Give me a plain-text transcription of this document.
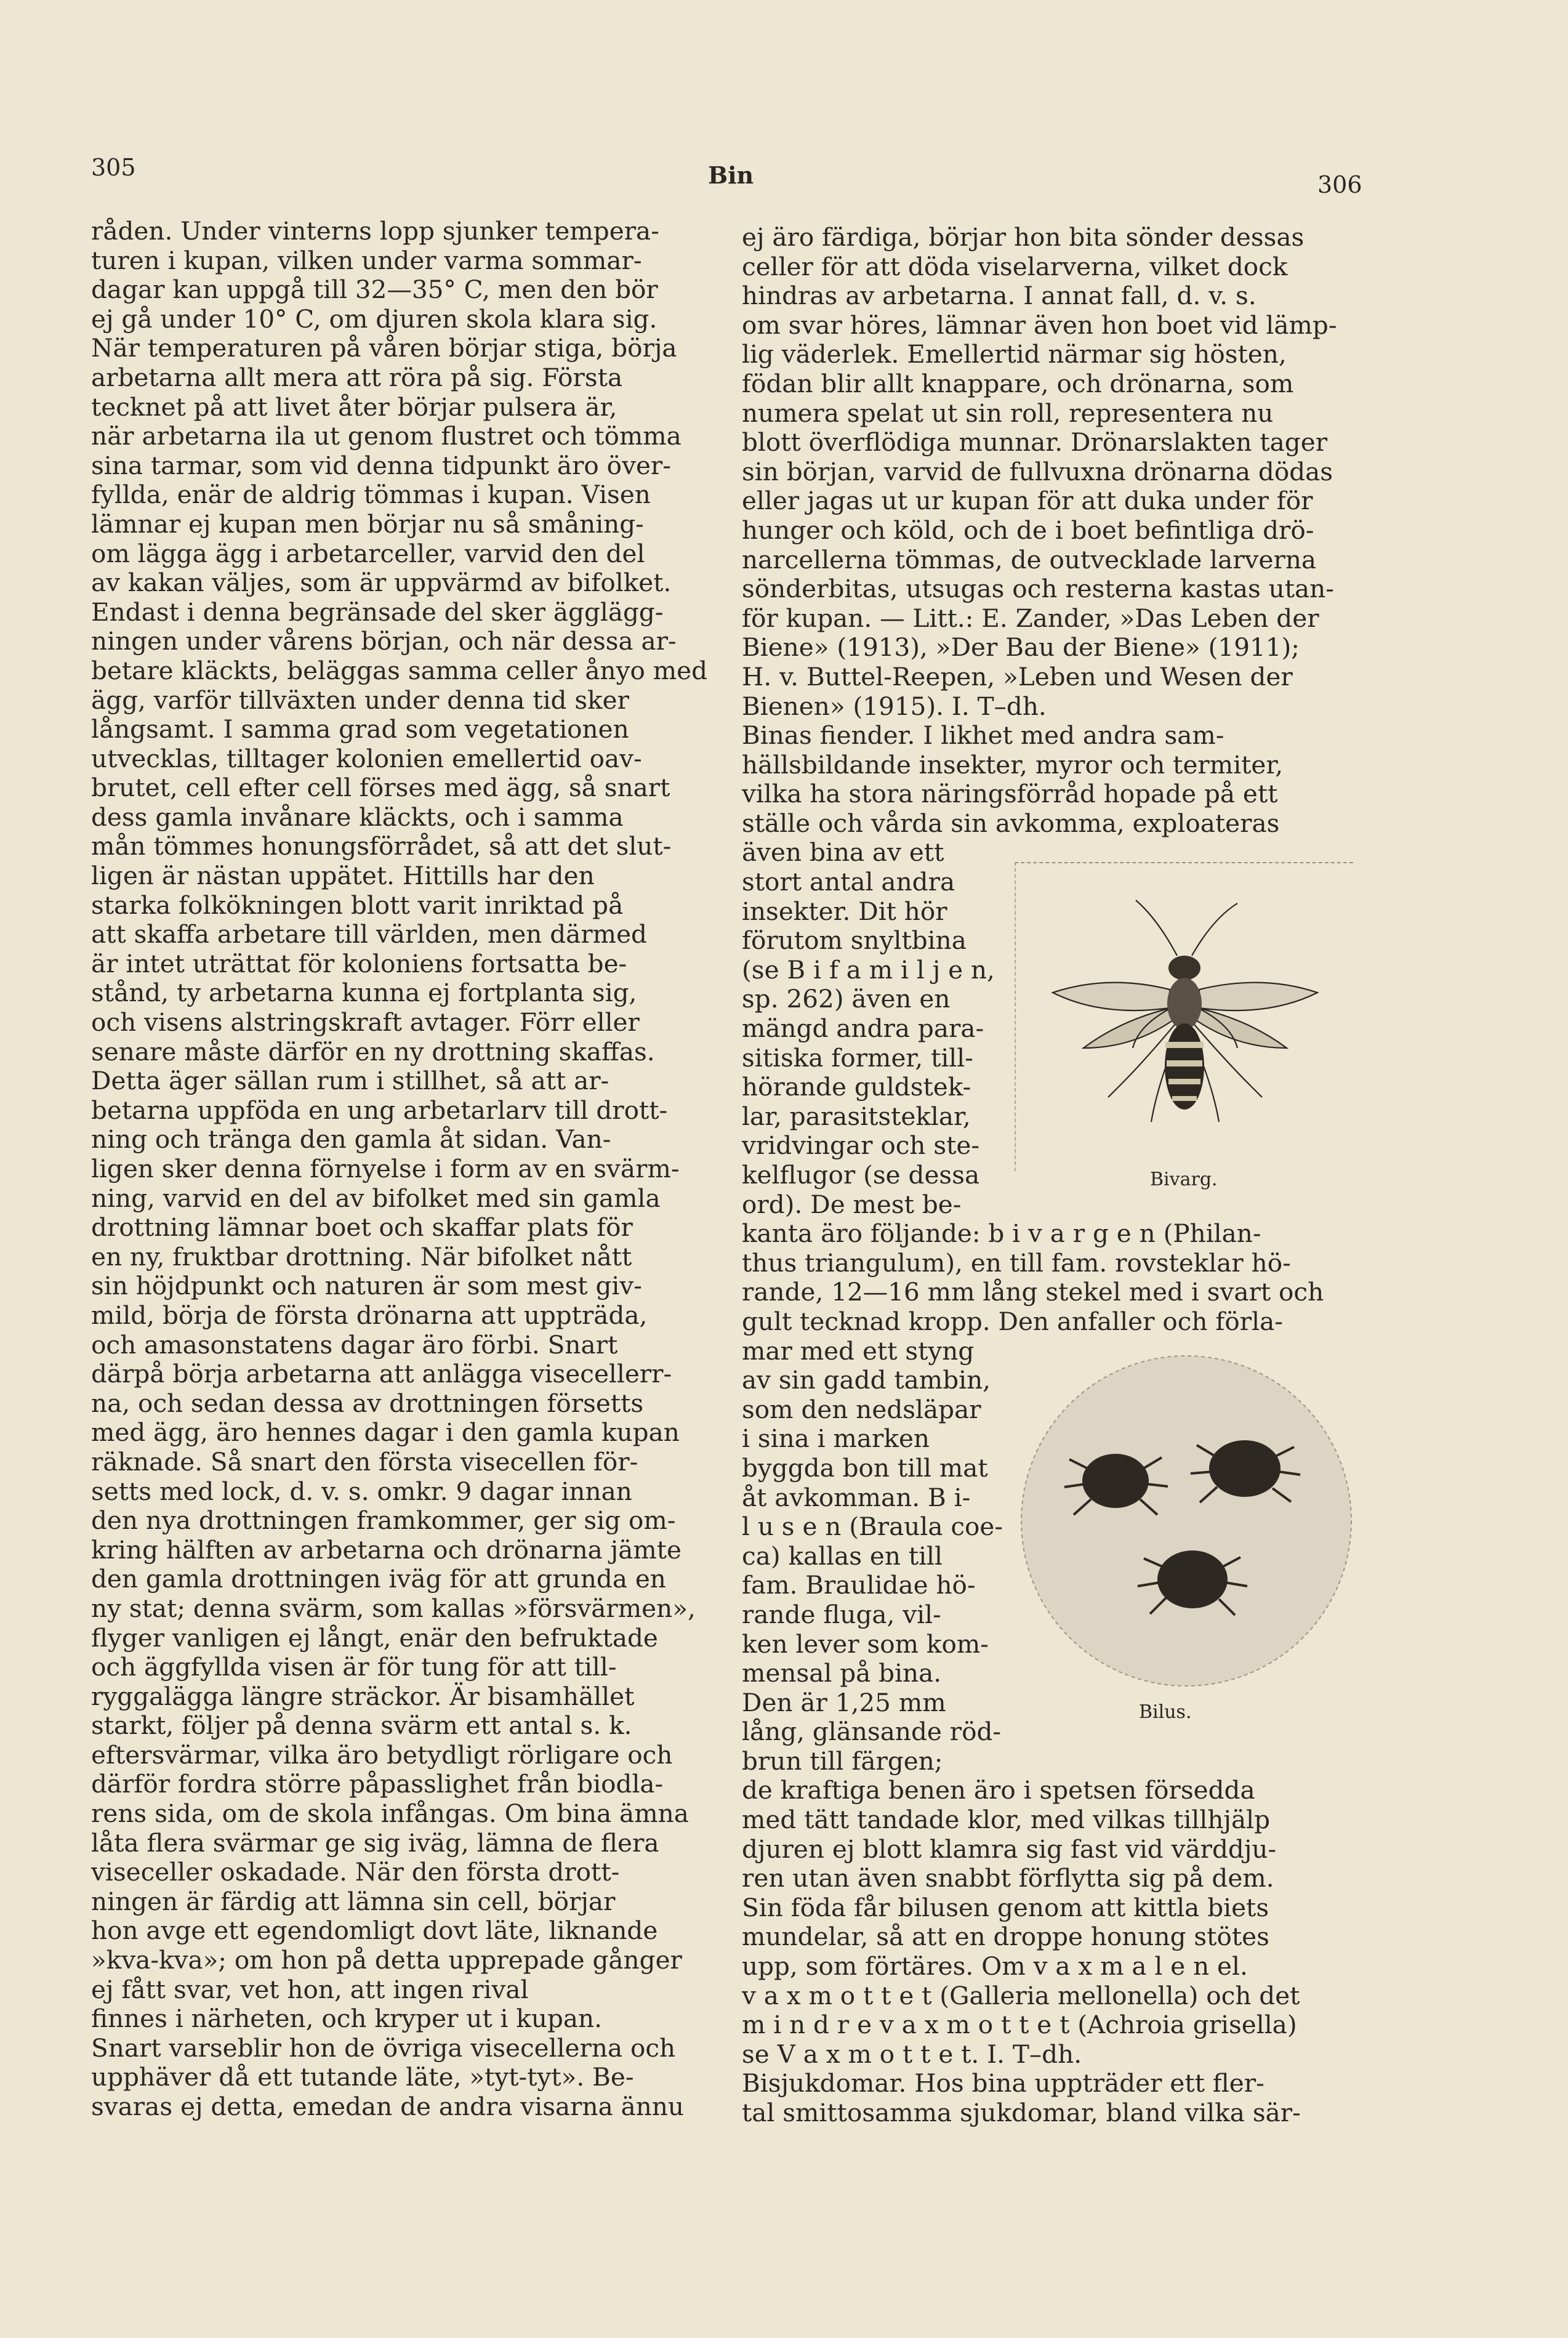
305	Bin	306
råden. Under vinterns lopp sjunker tempera-
turen i kupan, vilken under varma sommar-
dagar kan uppgå till 32—35° C, men den bör
ej gå under 10° C, om djuren skola klara sig.
När temperaturen på våren börjar stiga, börja
arbetarna allt mera att röra på sig. Första
tecknet på att livet åter börjar pulsera är,
när arbetarna ila ut genom flustret och tömma
sina tarmar, som vid denna tidpunkt äro över-
fyllda, enär de aldrig tömmas i kupan. Visen
lämnar ej kupan men börjar nu så småning-
om lägga ägg i arbetarceller, varvid den del
av kakan väljes, som är uppvärmd av bifolket.
Endast i denna begränsade del sker ägglägg-
ningen under vårens början, och när dessa ar-
betare kläckts, beläggas samma celler ånyo med
ägg, varför tillväxten under denna tid sker
långsamt. I samma grad som vegetationen
utvecklas, tilltager kolonien emellertid oav-
brutet, cell efter cell förses med ägg, så snart
dess gamla invånare kläckts, och i samma
mån tömmes honungsförrådet, så att det slut-
ligen är nästan uppätet. Hittills har den
starka folkökningen blott varit inriktad på
att skaffa arbetare till världen, men därmed
är intet uträttat för koloniens fortsatta be-
stånd, ty arbetarna kunna ej fortplanta sig,
och visens alstringskraft avtager. Förr eller
senare måste därför en ny drottning skaffas.
Detta äger sällan rum i stillhet, så att ar-
betarna uppföda en ung arbetarlarv till drott-
ning och tränga den gamla åt sidan. Van-
ligen sker denna förnyelse i form av en svärm-
ning, varvid en del av bifolket med sin gamla
drottning lämnar boet och skaffar plats för
en ny, fruktbar drottning. När bifolket nått
sin höjdpunkt och naturen är som mest giv-
mild, börja de första drönarna att uppträda,
och amasonstatens dagar äro förbi. Snart
därpå börja arbetarna att anlägga visecellerr-
na, och sedan dessa av drottningen försetts
med ägg, äro hennes dagar i den gamla kupan
räknade. Så snart den första visecellen för-
setts med lock, d. v. s. omkr. 9 dagar innan
den nya drottningen framkommer, ger sig om-
kring hälften av arbetarna och drönarna jämte
den gamla drottningen iväg för att grunda en
ny stat; denna svärm, som kallas »försvärmen»,
flyger vanligen ej långt, enär den befruktade
och äggfyllda visen är för tung för att till-
ryggalägga längre sträckor. Är bisamhället
starkt, följer på denna svärm ett antal s. k.
eftersvärmar, vilka äro betydligt rörligare och
därför fordra större påpasslighet från biodla-
rens sida, om de skola infångas. Om bina ämna
låta flera svärmar ge sig iväg, lämna de flera
viseceller oskadade. När den första drott-
ningen är färdig att lämna sin cell, börjar
hon avge ett egendomligt dovt läte, liknande
»kva-kva»; om hon på detta upprepade gånger
ej fått svar, vet hon, att ingen rival
finnes i närheten, och kryper ut i kupan.
Snart varseblir hon de övriga visecellerna och
upphäver då ett tutande läte, »tyt-tyt». Be-
svaras ej detta, emedan de andra visarna ännu
ej äro färdiga, börjar hon bita sönder dessas
celler för att döda viselarverna, vilket dock
hindras av arbetarna. I annat fall, d. v. s.
om svar höres, lämnar även hon boet vid lämp-
lig väderlek. Emellertid närmar sig hösten,
födan blir allt knappare, och drönarna, som
numera spelat ut sin roll, representera nu
blott överflödiga munnar. Drönarslakten tager
sin början, varvid de fullvuxna drönarna dödas
eller jagas ut ur kupan för att duka under för
hunger och köld, och de i boet befintliga drö-
narcellerna tömmas, de outvecklade larverna
sönderbitas, utsugas och resterna kastas utan-
för kupan. — Litt.: E. Zander, »Das Leben der
Biene» (1913), »Der Bau der Biene» (1911);
H. v. Buttel-Reepen, »Leben und Wesen der
Bienen» (1915). I. T–dh.
Binas fiender. I likhet med andra sam-
hällsbildande insekter, myror och termiter,
vilka ha stora näringsförråd hopade på ett
ställe och vårda sin avkomma, exploateras
även bina av ett
stort antal andra
insekter. Dit hör
förutom snyltbina
(se B i f a m i l j e n,
sp. 262) även en
mängd andra para-
sitiska former, till-
hörande guldstek-
lar, parasitsteklar,
vridvingar och ste-
kelflugor (se dessa
ord). De mest be-
kanta äro följande: b i v a r g e n (Philan-
thus triangulum), en till fam. rovsteklar hö-
rande, 12—16 mm lång stekel med i svart och
gult tecknad kropp. Den anfaller och förla-
mar med ett styng
av sin gadd tambin,
som den nedsläpar
i sina i marken
byggda bon till mat
åt avkomman. B i-
l u s e n (Braula coe-
ca) kallas en till
fam. Braulidae hö-
rande fluga, vil-
ken lever som kom-
mensal på bina.
Den är 1,25 mm
lång, glänsande röd-
brun till färgen;
de kraftiga benen äro i spetsen försedda
med tätt tandade klor, med vilkas tillhjälp
djuren ej blott klamra sig fast vid värddju-
ren utan även snabbt förflytta sig på dem.
Sin föda får bilusen genom att kittla biets
mundelar, så att en droppe honung stötes
upp, som förtäres. Om v a x m a l e n el.
v a x m o t t e t (Galleria mellonella) och det
m i n d r e v a x m o t t e t (Achroia grisella)
se V a x m o t t e t. I. T–dh.
Bisjukdomar. Hos bina uppträder ett fler-
tal smittosamma sjukdomar, bland vilka sär-
Bivarg.
Bilus.
